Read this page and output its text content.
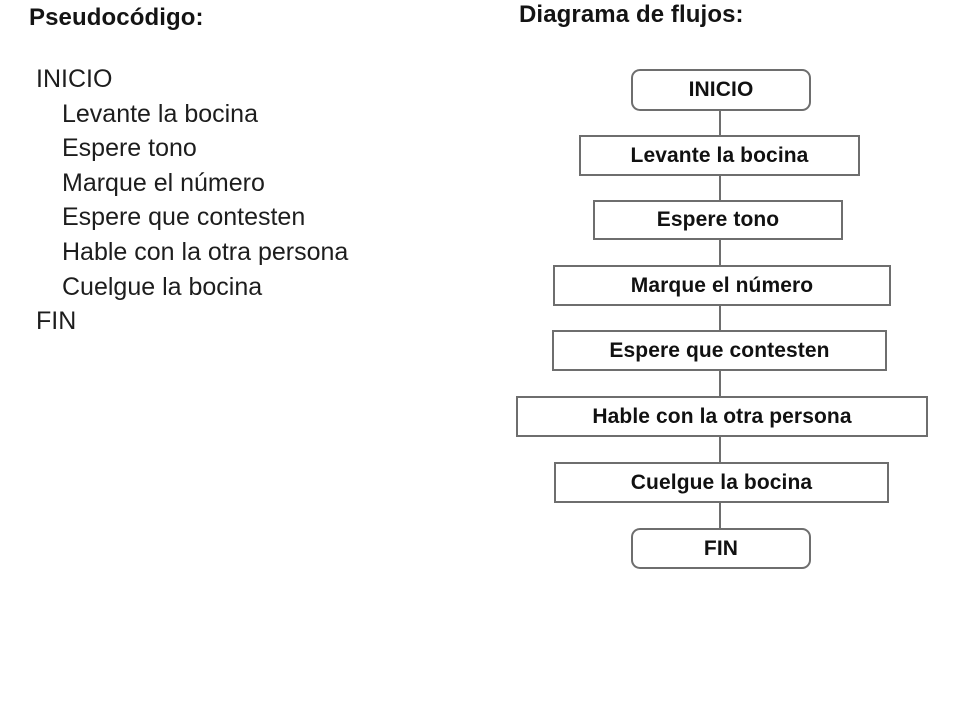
Pseudocódigo:	Diagrama de flujos:
INICIO
Levante la bocina
Espere tono
Marque el número
Espere que contesten
Hable con la otra persona
Cuelgue la bocina
FIN
INICIO
Levante la bocina
Espere tono
Marque el número
Espere que contesten
Hable con la otra persona
Cuelgue la bocina
FIN
